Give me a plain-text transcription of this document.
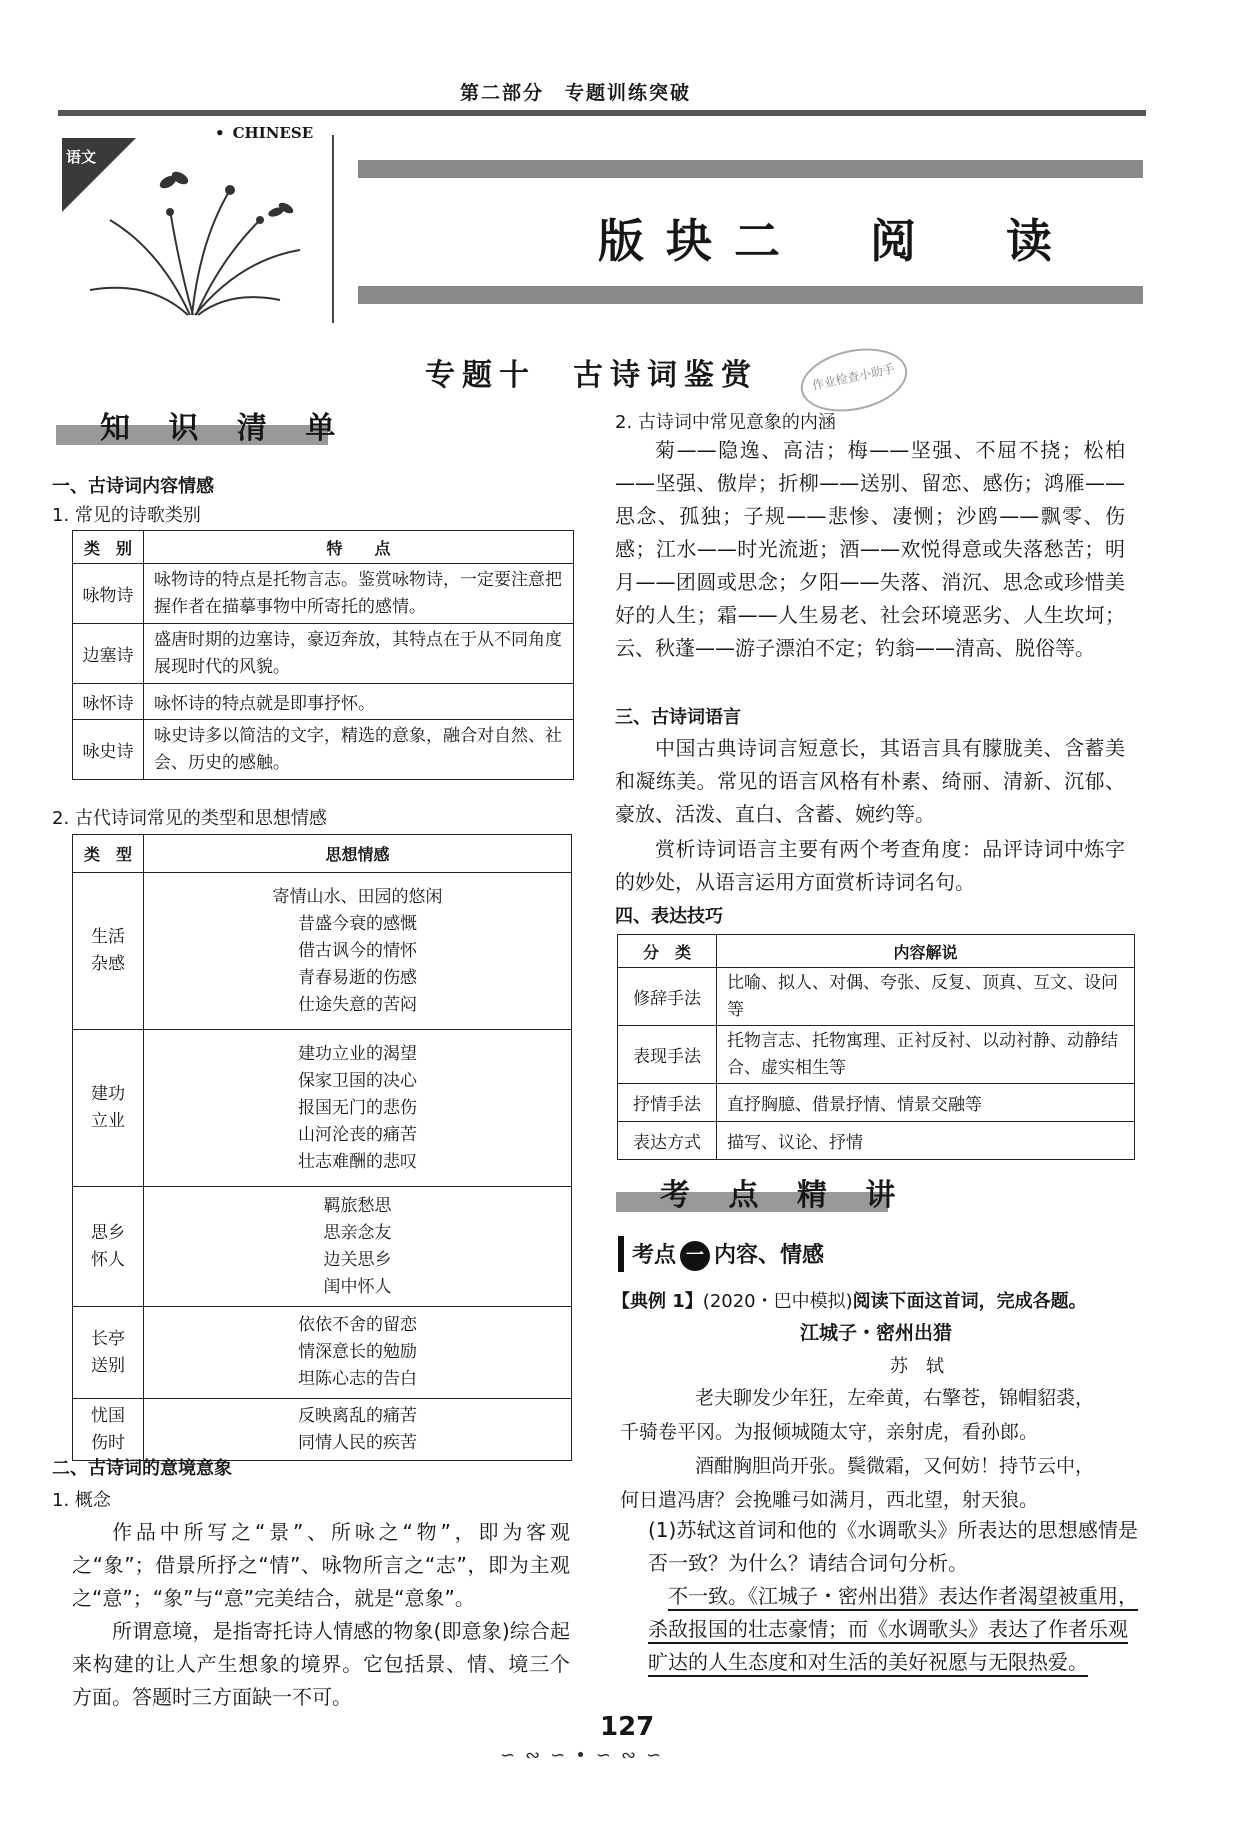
第二部分　专题训练突破
语文
• CHINESE
版块二　阅　读
专题十　古诗词鉴赏	作业检查小助手
知 识 清 单
一、古诗词内容情感
1. 常见的诗歌类别
类　别	特　　点
咏物诗	咏物诗的特点是托物言志。鉴赏咏物诗，一定要注意把握作者在描摹事物中所寄托的感情。
边塞诗	盛唐时期的边塞诗，豪迈奔放，其特点在于从不同角度展现时代的风貌。
咏怀诗	咏怀诗的特点就是即事抒怀。
咏史诗	咏史诗多以简洁的文字，精选的意象，融合对自然、社会、历史的感触。
2. 古代诗词常见的类型和思想情感
类　型	思想情感
生活杂感	寄情山水、田园的悠闲
昔盛今衰的感慨
借古讽今的情怀
青春易逝的伤感
仕途失意的苦闷

建功立业	建功立业的渴望
保家卫国的决心
报国无门的悲伤
山河沦丧的痛苦
壮志难酬的悲叹

思乡怀人	羁旅愁思
思亲念友
边关思乡
闺中怀人

长亭送别	依依不舍的留恋
情深意长的勉励
坦陈心志的告白

忧国伤时	反映离乱的痛苦
同情人民的疾苦
二、古诗词的意境意象
1. 概念
作品中所写之“景”、所咏之“物”，即为客观之“象”；借景所抒之“情”、咏物所言之“志”，即为主观之“意”；“象”与“意”完美结合，就是“意象”。
所谓意境，是指寄托诗人情感的物象(即意象)综合起来构建的让人产生想象的境界。它包括景、情、境三个方面。答题时三方面缺一不可。
2. 古诗词中常见意象的内涵
菊——隐逸、高洁；梅——坚强、不屈不挠；松柏——坚强、傲岸；折柳——送别、留恋、感伤；鸿雁——思念、孤独；子规——悲惨、凄恻；沙鸥——飘零、伤感；江水——时光流逝；酒——欢悦得意或失落愁苦；明月——团圆或思念；夕阳——失落、消沉、思念或珍惜美好的人生；霜——人生易老、社会环境恶劣、人生坎坷；云、秋蓬——游子漂泊不定；钓翁——清高、脱俗等。
三、古诗词语言
中国古典诗词言短意长，其语言具有朦胧美、含蓄美和凝练美。常见的语言风格有朴素、绮丽、清新、沉郁、豪放、活泼、直白、含蓄、婉约等。
赏析诗词语言主要有两个考查角度：品评诗词中炼字的妙处，从语言运用方面赏析诗词名句。
四、表达技巧
分　类	内容解说
修辞手法	比喻、拟人、对偶、夸张、反复、顶真、互文、设问等
表现手法	托物言志、托物寓理、正衬反衬、以动衬静、动静结合、虚实相生等
抒情手法	直抒胸臆、借景抒情、情景交融等
表达方式	描写、议论、抒情
考 点 精 讲
考点 一 内容、情感
【典例 1】(2020・巴中模拟)阅读下面这首词，完成各题。
江城子・密州出猎
苏　轼
老夫聊发少年狂，左牵黄，右擎苍，锦帽貂裘，
千骑卷平冈。为报倾城随太守，亲射虎，看孙郎。
酒酣胸胆尚开张。鬓微霜，又何妨！持节云中，
何日遣冯唐？会挽雕弓如满月，西北望，射天狼。
(1)苏轼这首词和他的《水调歌头》所表达的思想感情是否一致？为什么？请结合词句分析。
不一致。《江城子・密州出猎》表达作者渴望被重用，杀敌报国的壮志豪情；而《水调歌头》表达了作者乐观旷达的人生态度和对生活的美好祝愿与无限热爱。
127
∽∾∽•∽∾∽
